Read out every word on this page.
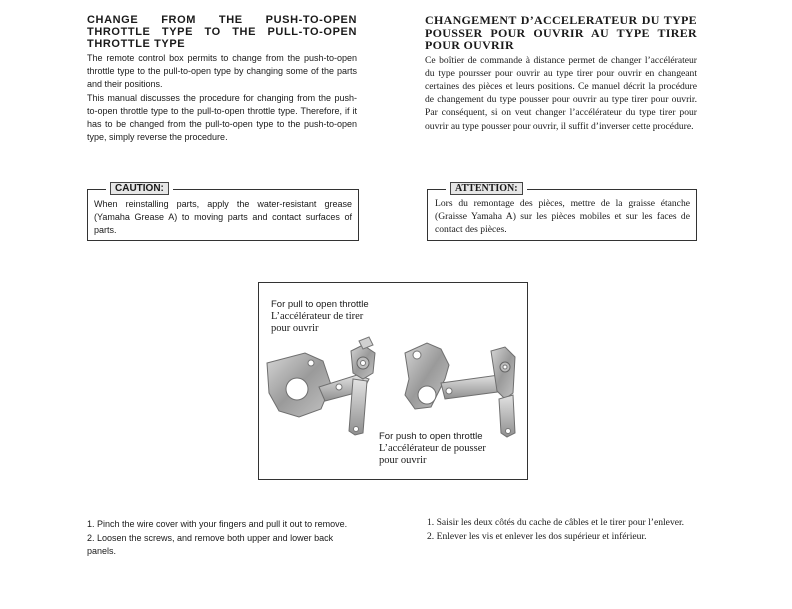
CHANGE FROM THE PUSH-TO-OPEN THROTTLE TYPE TO THE PULL-TO-OPEN THROTTLE TYPE

The remote control box permits to change from the push-to-open throttle type to the pull-to-open type by changing some of the parts and their positions.

This manual discusses the procedure for changing from the push-to-open throttle type to the pull-to-open throttle type. Therefore, if it has to be changed from the pull-to-open type to the push-to-open type, simply reverse the procedure.

CHANGEMENT D’ACCELERATEUR DU TYPE POUSSER POUR OUVRIR AU TYPE TIRER POUR OUVRIR

Ce boîtier de commande à distance permet de changer l’accélérateur du type poursser pour ouvrir au type tirer pour ouvrir en changeant certaines des pièces et leurs positions. Ce manuel décrit la procédure de changement du type pousser pour ouvrir au type tirer pour ouvrir. Par conséquent, si on veut changer l’accélérateur du type tirer pour ouvrir au type pousser pour ouvrir, il suffit d’inverser cette procédure.

CAUTION:

When reinstalling parts, apply the water-resistant grease (Yamaha Grease A) to moving parts and contact surfaces of parts.

ATTENTION:

Lors du remontage des pièces, mettre de la graisse étanche (Graisse Yamaha A) sur les pièces mobiles et sur les faces de contact des pièces.

For pull to open throttle
L’accélérateur de tirer
pour ouvrir
For push to open throttle
L’accélérateur de pousser
pour ouvrir

1. Pinch the wire cover with your fingers and pull it out to remove.

2. Loosen the screws, and remove both upper and lower back panels.

1. Saisir les deux côtés du cache de câbles et le tirer pour l’enlever.

2. Enlever les vis et enlever les dos supérieur et inférieur.
